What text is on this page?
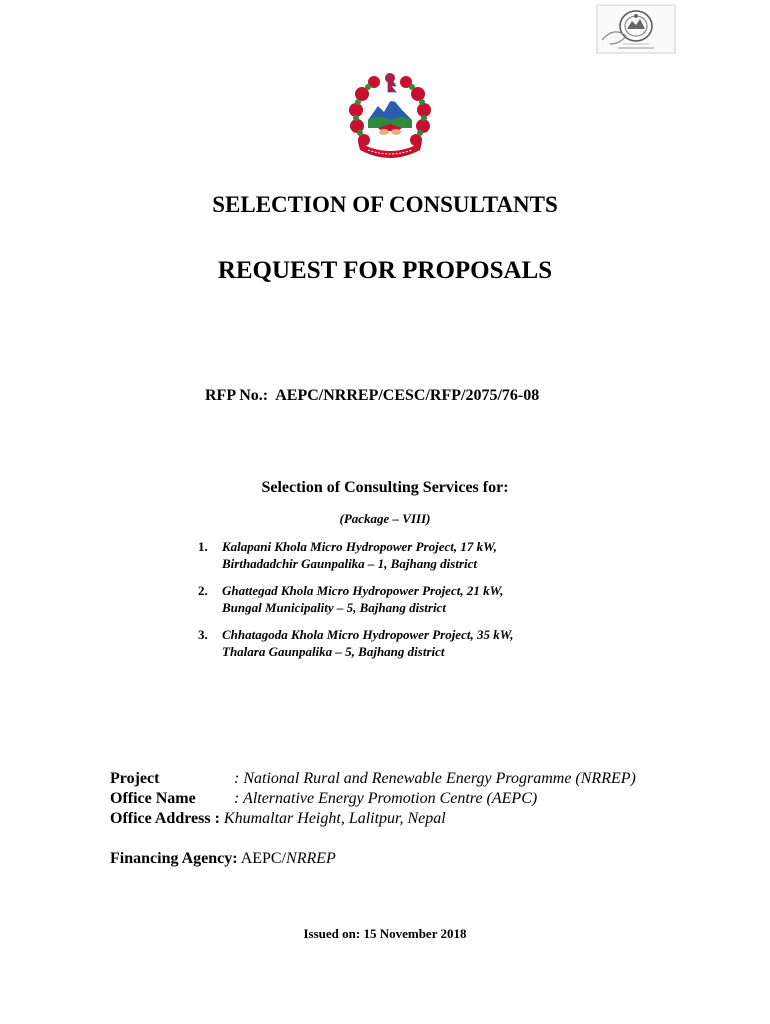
SELECTION OF CONSULTANTS
REQUEST FOR PROPOSALS
RFP No.: AEPC/NRREP/CESC/RFP/2075/76-08
Selection of Consulting Services for:
(Package – VIII)
1. Kalapani Khola Micro Hydropower Project, 17 kW,
Birthadadchir Gaunpalika – 1, Bajhang district
2. Ghattegad Khola Micro Hydropower Project, 21 kW,
Bungal Municipality – 5, Bajhang district
3. Chhatagoda Khola Micro Hydropower Project, 35 kW,
Thalara Gaunpalika – 5, Bajhang district
Project	: National Rural and Renewable Energy Programme (NRREP)
Office Name : Alternative Energy Promotion Centre (AEPC)
Office Address : Khumaltar Height, Lalitpur, Nepal
Financing Agency: AEPC/NRREP
Issued on: 15 November 2018
